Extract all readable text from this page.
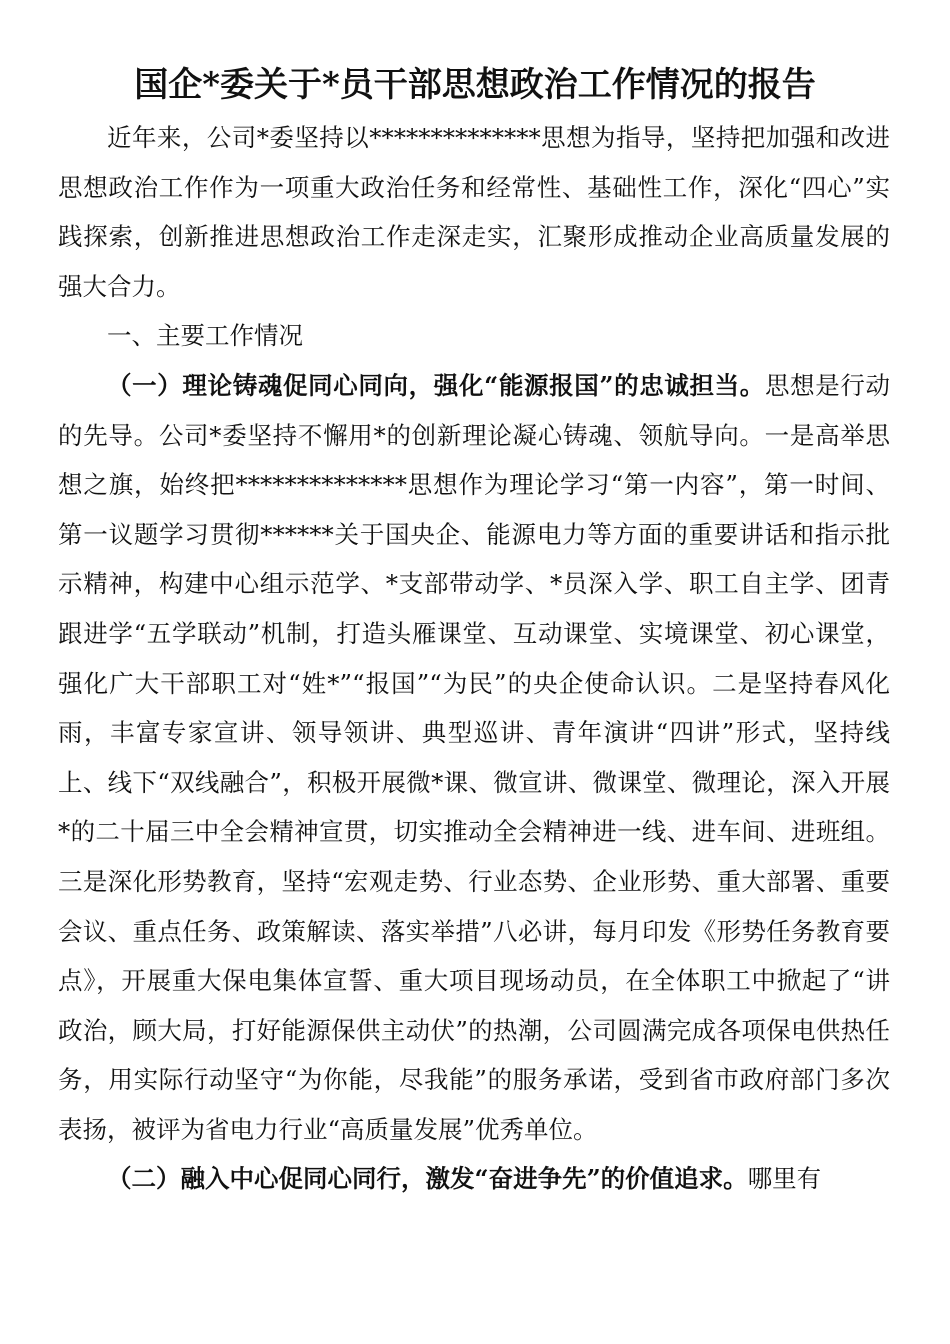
国企*委关于*员干部思想政治工作情况的报告

近年来，公司*委坚持以**************思想为指导，坚持把加强和改进思想政治工作作为一项重大政治任务和经常性、基础性工作，深化“四心”实践探索，创新推进思想政治工作走深走实，汇聚形成推动企业高质量发展的强大合力。

一、主要工作情况

（一）理论铸魂促同心同向，强化“能源报国”的忠诚担当。思想是行动的先导。公司*委坚持不懈用*的创新理论凝心铸魂、领航导向。一是高举思想之旗，始终把**************思想作为理论学习“第一内容”，第一时间、第一议题学习贯彻******关于国央企、能源电力等方面的重要讲话和指示批示精神，构建中心组示范学、*支部带动学、*员深入学、职工自主学、团青跟进学“五学联动”机制，打造头雁课堂、互动课堂、实境课堂、初心课堂，强化广大干部职工对“姓*”“报国”“为民”的央企使命认识。二是坚持春风化雨，丰富专家宣讲、领导领讲、典型巡讲、青年演讲“四讲”形式，坚持线上、线下“双线融合”，积极开展微*课、微宣讲、微课堂、微理论，深入开展*的二十届三中全会精神宣贯，切实推动全会精神进一线、进车间、进班组。三是深化形势教育，坚持“宏观走势、行业态势、企业形势、重大部署、重要会议、重点任务、政策解读、落实举措”八必讲，每月印发《形势任务教育要点》，开展重大保电集体宣誓、重大项目现场动员，在全体职工中掀起了“讲政治，顾大局，打好能源保供主动伏”的热潮，公司圆满完成各项保电供热任务，用实际行动坚守“为你能，尽我能”的服务承诺，受到省市政府部门多次表扬，被评为省电力行业“高质量发展”优秀单位。

（二）融入中心促同心同行，激发“奋进争先”的价值追求。哪里有
